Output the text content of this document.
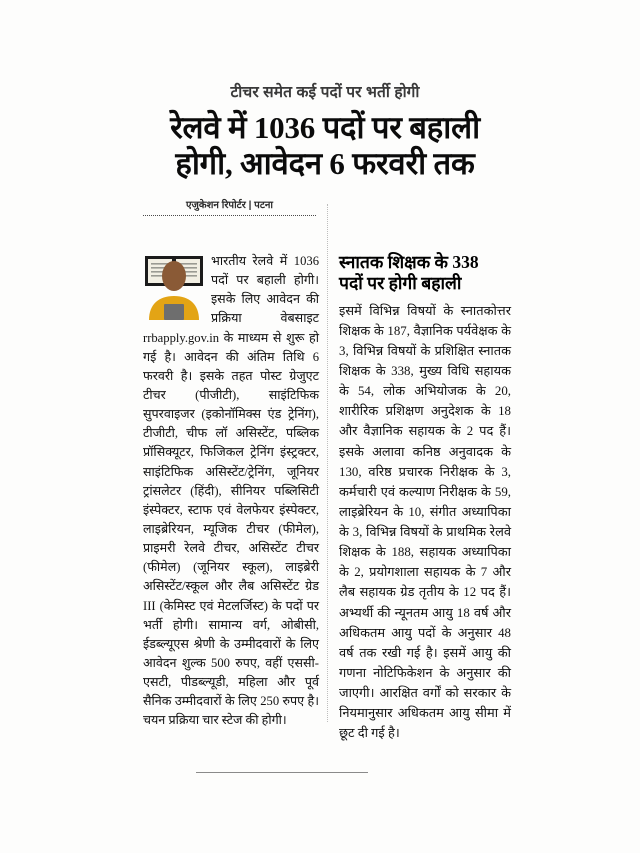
टीचर समेत कई पदों पर भर्ती होगी
रेलवे में 1036 पदों पर बहाली
होगी, आवेदन 6 फरवरी तक
एजुकेशन रिपोर्टर | पटना
भारतीय रेलवे में 1036 पदों पर बहाली होगी। इसके लिए आवेदन की प्रक्रिया वेबसाइट rrbapply.gov.in के माध्यम से शुरू हो गई है। आवेदन की अंतिम तिथि 6 फरवरी है। इसके तहत पोस्ट ग्रेजुएट टीचर (पीजीटी), साइंटिफिक सुपरवाइजर (इकोनॉमिक्स एंड ट्रेनिंग), टीजीटी, चीफ लॉ असिस्टेंट, पब्लिक प्रॉसिक्यूटर, फिजिकल ट्रेनिंग इंस्ट्रक्टर, साइंटिफिक असिस्टेंट/ट्रेनिंग, जूनियर ट्रांसलेटर (हिंदी), सीनियर पब्लिसिटी इंस्पेक्टर, स्टाफ एवं वेलफेयर इंस्पेक्टर, लाइब्रेरियन, म्यूजिक टीचर (फीमेल), प्राइमरी रेलवे टीचर, असिस्टेंट टीचर (फीमेल) (जूनियर स्कूल), लाइब्रेरी असिस्टेंट/स्कूल और लैब असिस्टेंट ग्रेड III (केमिस्ट एवं मेटलर्जिस्ट) के पदों पर भर्ती होगी। सामान्य वर्ग, ओबीसी, ईडब्ल्यूएस श्रेणी के उम्मीदवारों के लिए आवेदन शुल्क 500 रुपए, वहीं एससी-एसटी, पीडब्ल्यूडी, महिला और पूर्व सैनिक उम्मीदवारों के लिए 250 रुपए है। चयन प्रक्रिया चार स्टेज की होगी।
स्नातक शिक्षक के 338
पदों पर होगी बहाली
इसमें विभिन्न विषयों के स्नातकोत्तर शिक्षक के 187, वैज्ञानिक पर्यवेक्षक के 3, विभिन्न विषयों के प्रशिक्षित स्नातक शिक्षक के 338, मुख्य विधि सहायक के 54, लोक अभियोजक के 20, शारीरिक प्रशिक्षण अनुदेशक के 18 और वैज्ञानिक सहायक के 2 पद हैं। इसके अलावा कनिष्ठ अनुवादक के 130, वरिष्ठ प्रचारक निरीक्षक के 3, कर्मचारी एवं कल्याण निरीक्षक के 59, लाइब्रेरियन के 10, संगीत अध्यापिका के 3, विभिन्न विषयों के प्राथमिक रेलवे शिक्षक के 188, सहायक अध्यापिका के 2, प्रयोगशाला सहायक के 7 और लैब सहायक ग्रेड तृतीय के 12 पद हैं। अभ्यर्थी की न्यूनतम आयु 18 वर्ष और अधिकतम आयु पदों के अनुसार 48 वर्ष तक रखी गई है। इसमें आयु की गणना नोटिफिकेशन के अनुसार की जाएगी। आरक्षित वर्गों को सरकार के नियमानुसार अधिकतम आयु सीमा में छूट दी गई है।
